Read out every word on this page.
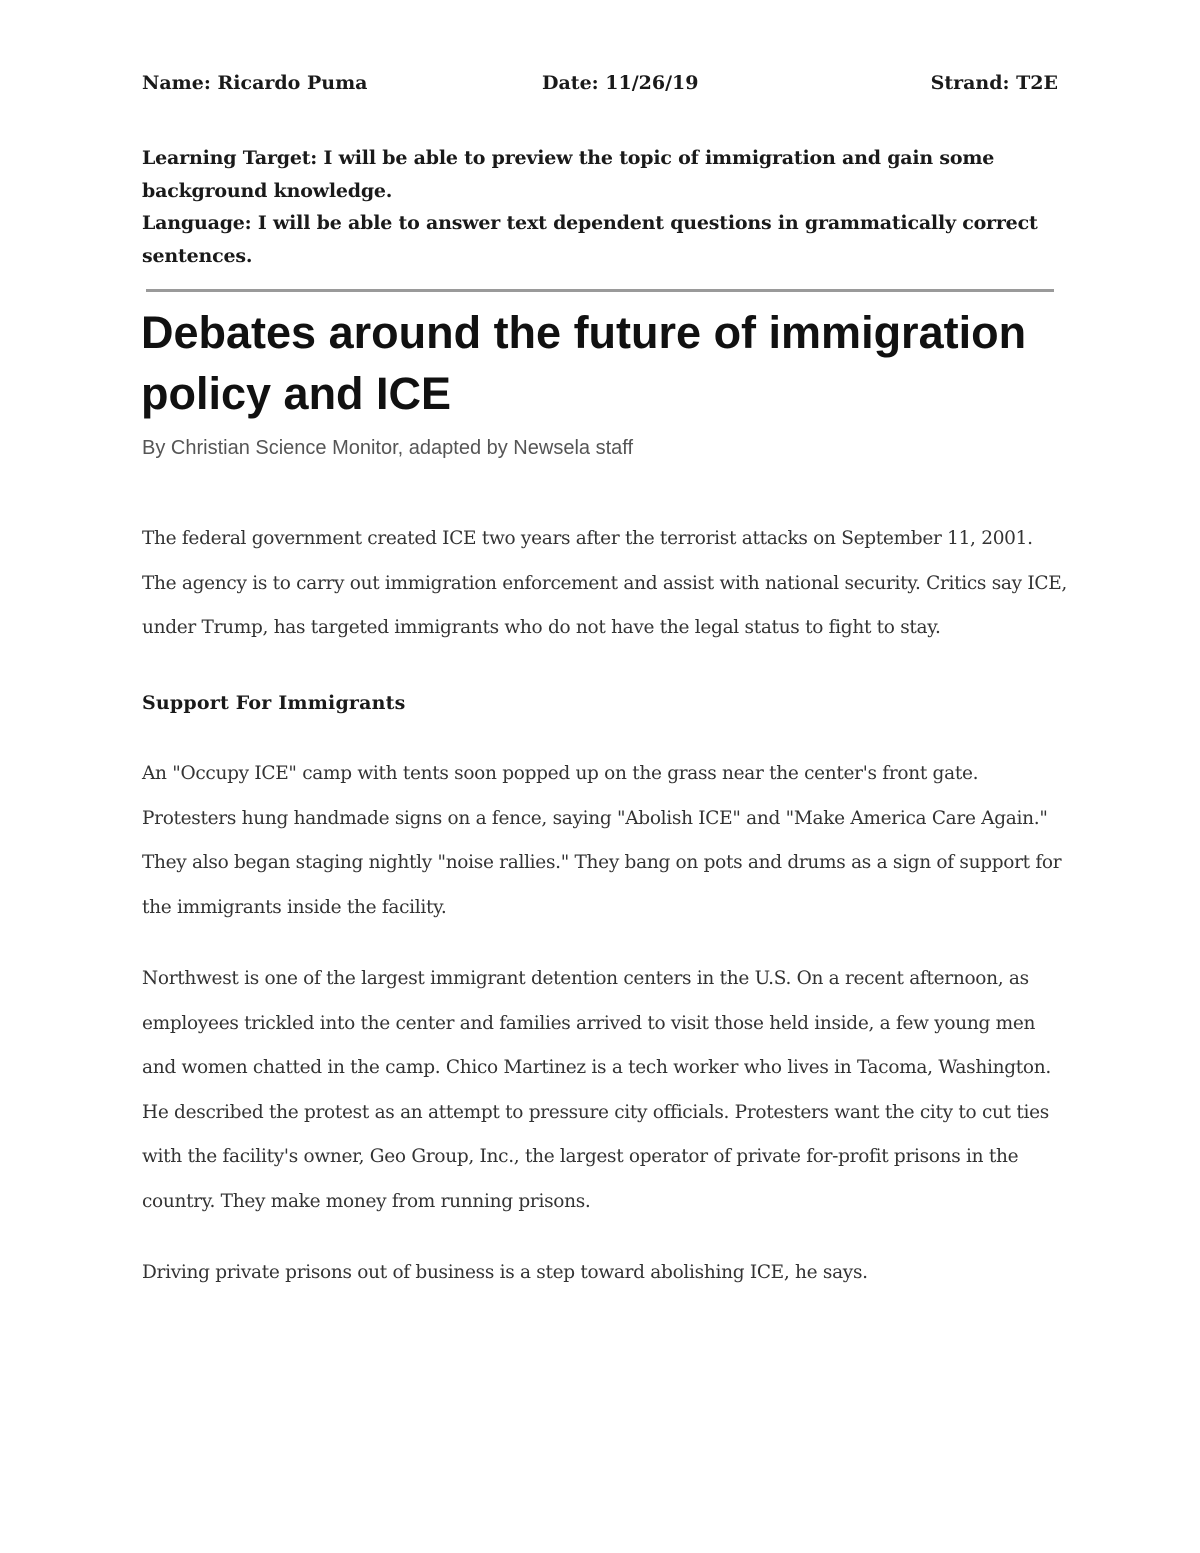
Name: Ricardo Puma	Date: 11/26/19	Strand: T2E

Learning Target: I will be able to preview the topic of immigration and gain some background knowledge.

Language: I will be able to answer text dependent questions in grammatically correct sentences.

Debates around the future of immigration policy and ICE
By Christian Science Monitor, adapted by Newsela staff

The federal government created ICE two years after the terrorist attacks on September 11, 2001. The agency is to carry out immigration enforcement and assist with national security. Critics say ICE, under Trump, has targeted immigrants who do not have the legal status to fight to stay.

Support For Immigrants

An "Occupy ICE" camp with tents soon popped up on the grass near the center's front gate. Protesters hung handmade signs on a fence, saying "Abolish ICE" and "Make America Care Again." They also began staging nightly "noise rallies." They bang on pots and drums as a sign of support for the immigrants inside the facility.

Northwest is one of the largest immigrant detention centers in the U.S. On a recent afternoon, as employees trickled into the center and families arrived to visit those held inside, a few young men and women chatted in the camp. Chico Martinez is a tech worker who lives in Tacoma, Washington. He described the protest as an attempt to pressure city officials. Protesters want the city to cut ties with the facility's owner, Geo Group, Inc., the largest operator of private for-profit prisons in the country. They make money from running prisons.

Driving private prisons out of business is a step toward abolishing ICE, he says.
